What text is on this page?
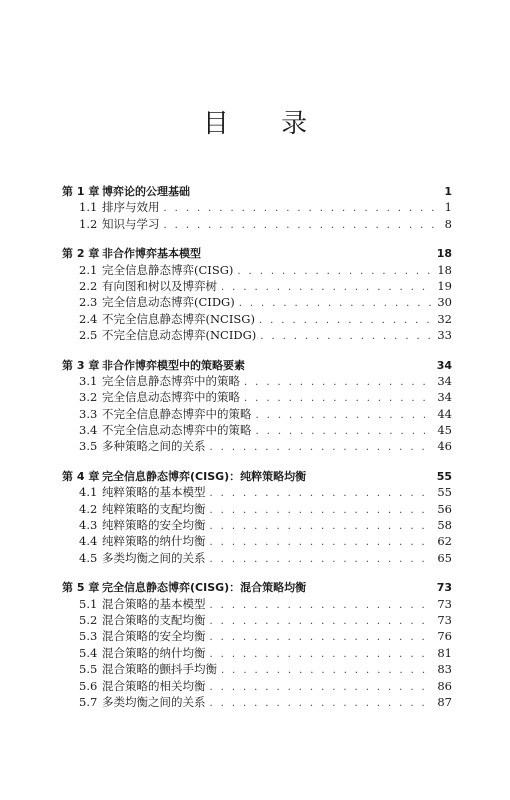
目 录
第 1 章 博弈论的公理基础	1
1.1 排序与效用 . . .	1
1.2 知识与学习 . . .	8
第 2 章 非合作博弈基本模型	18
2.1 完全信息静态博弈(CISG) . . .	18
2.2 有向图和树以及博弈树 . . .	19
2.3 完全信息动态博弈(CIDG) . . .	30
2.4 不完全信息静态博弈(NCISG) . . .	32
2.5 不完全信息动态博弈(NCIDG) . . .	33
第 3 章 非合作博弈模型中的策略要素	34
3.1 完全信息静态博弈中的策略 . . .	34
3.2 完全信息动态博弈中的策略 . . .	34
3.3 不完全信息静态博弈中的策略 . . .	44
3.4 不完全信息动态博弈中的策略 . . .	45
3.5 多种策略之间的关系 . . .	46
第 4 章 完全信息静态博弈(CISG)：纯粹策略均衡	55
4.1 纯粹策略的基本模型 . . .	55
4.2 纯粹策略的支配均衡 . . .	56
4.3 纯粹策略的安全均衡 . . .	58
4.4 纯粹策略的纳什均衡 . . .	62
4.5 多类均衡之间的关系 . . .	65
第 5 章 完全信息静态博弈(CISG)：混合策略均衡	73
5.1 混合策略的基本模型 . . .	73
5.2 混合策略的支配均衡 . . .	73
5.3 混合策略的安全均衡 . . .	76
5.4 混合策略的纳什均衡 . . .	81
5.5 混合策略的颤抖手均衡 . . .	83
5.6 混合策略的相关均衡 . . .	86
5.7 多类均衡之间的关系 . . .	87
